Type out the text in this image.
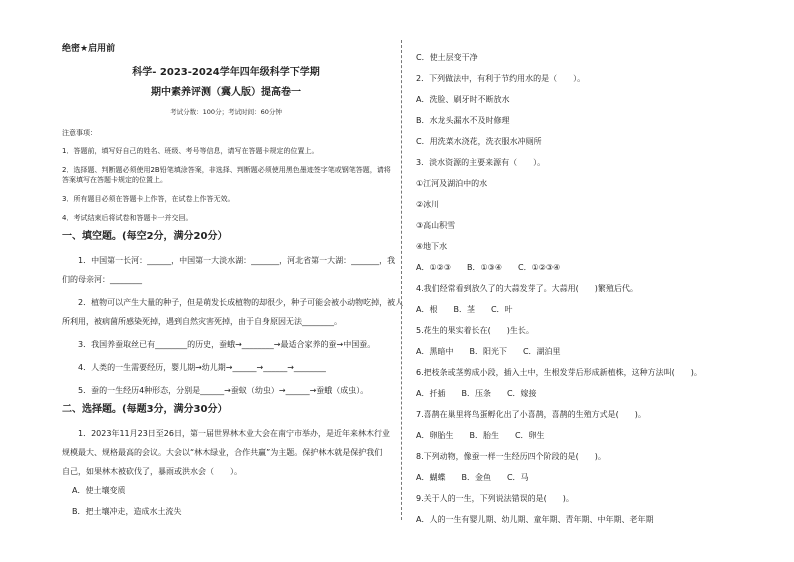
绝密★启用前
科学- 2023-2024学年四年级科学下学期
期中素养评测（冀人版）提高卷一
考试分数：100分；考试时间：60分钟
注意事项：
1．答题前，填写好自己的姓名、班级、考号等信息，请写在答题卡规定的位置上。
2．选择题、判断题必须使用2B铅笔填涂答案，非选择、判断题必须使用黑色墨迹签字笔或钢笔答题，请将
答案填写在答题卡规定的位置上。
3．所有题目必须在答题卡上作答，在试卷上作答无效。
4．考试结束后将试卷和答题卡一并交回。
一、填空题。(每空2分，满分20分）
1．中国第一长河：______，中国第一大淡水湖：_______，河北省第一大湖：_______，我
们的母亲河：________
2．植物可以产生大量的种子，但是萌发长成植物的却很少，种子可能会被小动物吃掉，被人
所利用，被病菌所感染死掉，遇到自然灾害死掉，由于自身原因无法________。
3．我国养蚕取丝已有________的历史，蚕蛾→________→最适合家养的蚕→中国蚕。
4．人类的一生需要经历，婴儿期→幼儿期→______→______→________
5．蚕的一生经历4种形态，分别是______→蚕蚁（幼虫）→______→蚕蛾（成虫）。
二、选择题。(每题3分，满分30分）
1．2023年11月23日至26日，第一届世界林木业大会在南宁市举办，是近年来林木行业
规模最大、规格最高的会议。大会以“林木绿业，合作共赢”为主题。保护林木就是保护我们
自己，如果林木被砍伐了，暴雨或洪水会（　　）。
A．使土壤变质
B．把土壤冲走，造成水土流失
C．使土层变干净
2．下列做法中，有利于节约用水的是（　　）。
A．洗脸、刷牙时不断放水
B．水龙头漏水不及时修理
C．用洗菜水浇花，洗衣服水冲厕所
3．淡水资源的主要来源有（　　）。
①江河及湖泊中的水
②冰川
③高山积雪
④地下水
A．①②③　　B．①③④　　C．①②③④
4.我们经常看到放久了的大蒜发芽了。大蒜用(　　)繁殖后代。
A．根　　B．茎　　C．叶
5.花生的果实着长在(　　)生长。
A．黑暗中　　B．阳光下　　C．湖泊里
6.把枝条或茎剪成小段，插入土中，生根发芽后形成新植株，这种方法叫(　　)。
A．扦插　　B．压条　　C．嫁接
7.喜鹊在巢里将鸟蛋孵化出了小喜鹊，喜鹊的生殖方式是(　　)。
A．卵胎生　　B．胎生　　C．卵生
8.下列动物，像蚕一样一生经历四个阶段的是(　　)。
A．蝴蝶　　B．金鱼　　C．马
9.关于人的一生，下列说法错误的是(　　)。
A．人的一生有婴儿期、幼儿期、童年期、青年期、中年期、老年期
